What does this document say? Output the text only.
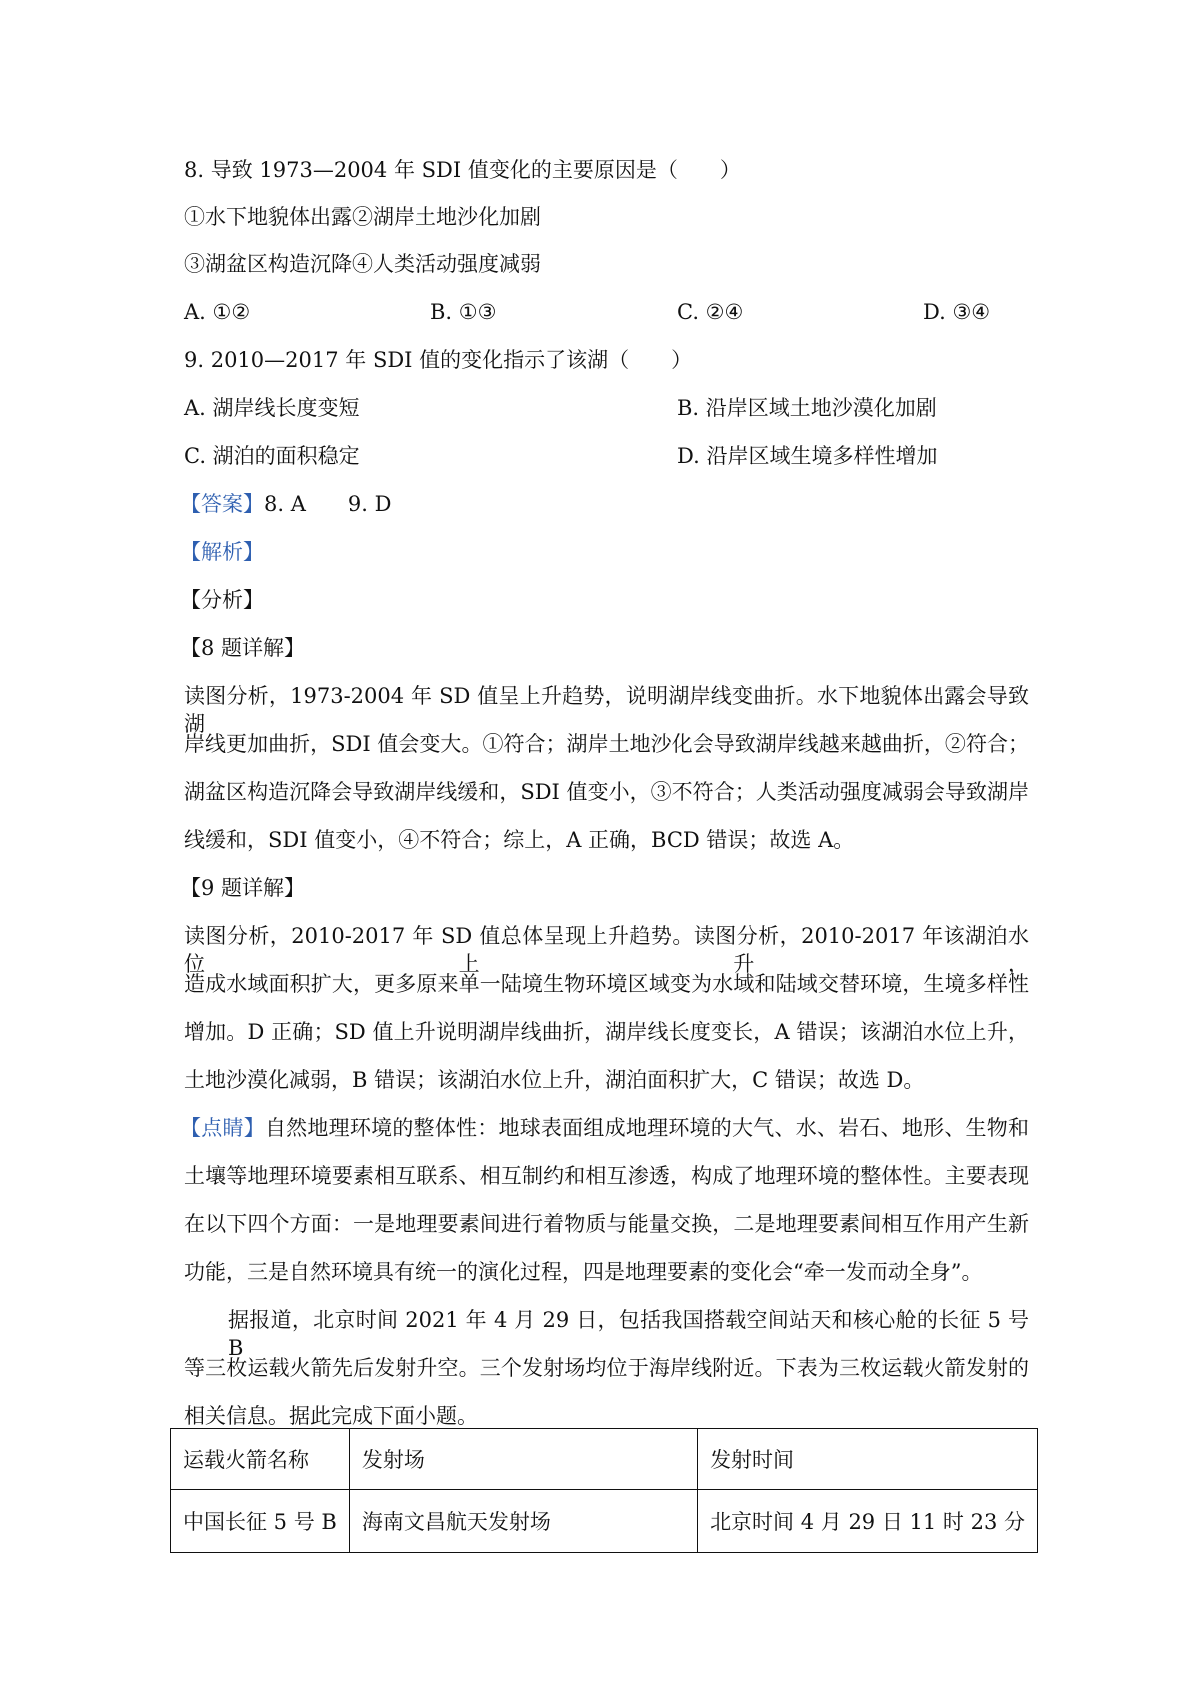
8. 导致 1973—2004 年 SDI 值变化的主要原因是（　　）
①水下地貌体出露②湖岸土地沙化加剧
③湖盆区构造沉降④人类活动强度减弱
A. ①②	B. ①③	C. ②④	D. ③④
9. 2010—2017 年 SDI 值的变化指示了该湖（　　）
A. 湖岸线长度变短	B. 沿岸区域土地沙漠化加剧
C. 湖泊的面积稳定	D. 沿岸区域生境多样性增加
【答案】8. A　　9. D
【解析】
【分析】
【8 题详解】
读图分析，1973-2004 年 SD 值呈上升趋势，说明湖岸线变曲折。水下地貌体出露会导致湖
岸线更加曲折，SDI 值会变大。①符合；湖岸土地沙化会导致湖岸线越来越曲折，②符合；
湖盆区构造沉降会导致湖岸线缓和，SDI 值变小，③不符合；人类活动强度减弱会导致湖岸
线缓和，SDI 值变小，④不符合；综上，A 正确，BCD 错误；故选 A。
【9 题详解】
读图分析，2010-2017 年 SD 值总体呈现上升趋势。读图分析，2010-2017 年该湖泊水位上升，
造成水域面积扩大，更多原来单一陆境生物环境区域变为水域和陆域交替环境，生境多样性
增加。D 正确；SD 值上升说明湖岸线曲折，湖岸线长度变长，A 错误；该湖泊水位上升，
土地沙漠化减弱，B 错误；该湖泊水位上升，湖泊面积扩大，C 错误；故选 D。
【点睛】自然地理环境的整体性：地球表面组成地理环境的大气、水、岩石、地形、生物和
土壤等地理环境要素相互联系、相互制约和相互渗透，构成了地理环境的整体性。主要表现
在以下四个方面：一是地理要素间进行着物质与能量交换，二是地理要素间相互作用产生新
功能，三是自然环境具有统一的演化过程，四是地理要素的变化会“牵一发而动全身”。
据报道，北京时间 2021 年 4 月 29 日，包括我国搭载空间站天和核心舱的长征 5 号 B
等三枚运载火箭先后发射升空。三个发射场均位于海岸线附近。下表为三枚运载火箭发射的
相关信息。据此完成下面小题。
运载火箭名称	发射场	发射时间
中国长征 5 号 B	海南文昌航天发射场	北京时间 4 月 29 日 11 时 23 分
